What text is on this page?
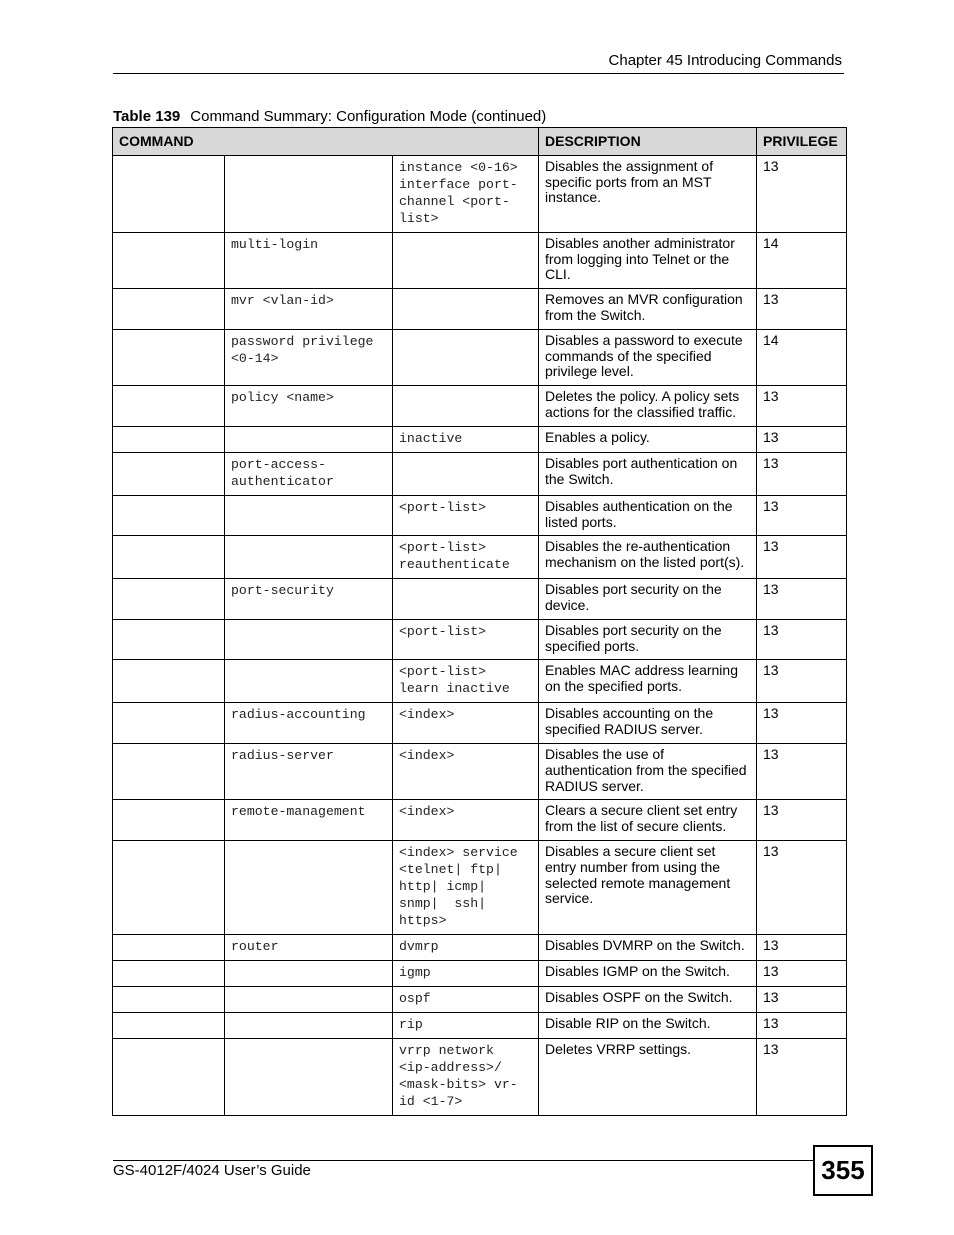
Chapter 45 Introducing Commands
Table 139 Command Summary: Configuration Mode (continued)
COMMAND			DESCRIPTION	PRIVILEGE
		instance <0-16>
interface port-
channel <port-
list>	Disables the assignment of specific ports from an MST instance.	13
	multi-login		Disables another administrator from logging into Telnet or the CLI.	14
	mvr <vlan-id>		Removes an MVR configuration from the Switch.	13
	password privilege
<0-14>		Disables a password to execute commands of the specified privilege level.	14
	policy <name>		Deletes the policy. A policy sets actions for the classified traffic.	13
		inactive	Enables a policy.	13
	port-access-
authenticator		Disables port authentication on the Switch.	13
		<port-list>	Disables authentication on the listed ports.	13
		<port-list>
reauthenticate	Disables the re-authentication mechanism on the listed port(s).	13
	port-security		Disables port security on the device.	13
		<port-list>	Disables port security on the specified ports.	13
		<port-list>
learn inactive	Enables MAC address learning on the specified ports.	13
	radius-accounting	<index>	Disables accounting on the specified RADIUS server.	13
	radius-server	<index>	Disables the use of authentication from the specified RADIUS server.	13
	remote-management	<index>	Clears a secure client set entry from the list of secure clients.	13
		<index> service
<telnet| ftp|
http| icmp|
snmp|  ssh|
https>	Disables a secure client set entry number from using the selected remote management service.	13
	router	dvmrp	Disables DVMRP on the Switch.	13
		igmp	Disables IGMP on the Switch.	13
		ospf	Disables OSPF on the Switch.	13
		rip	Disable RIP on the Switch.	13
		vrrp network
<ip-address>/
<mask-bits> vr-
id <1-7>	Deletes VRRP settings.	13
GS-4012F/4024 User’s Guide	355
